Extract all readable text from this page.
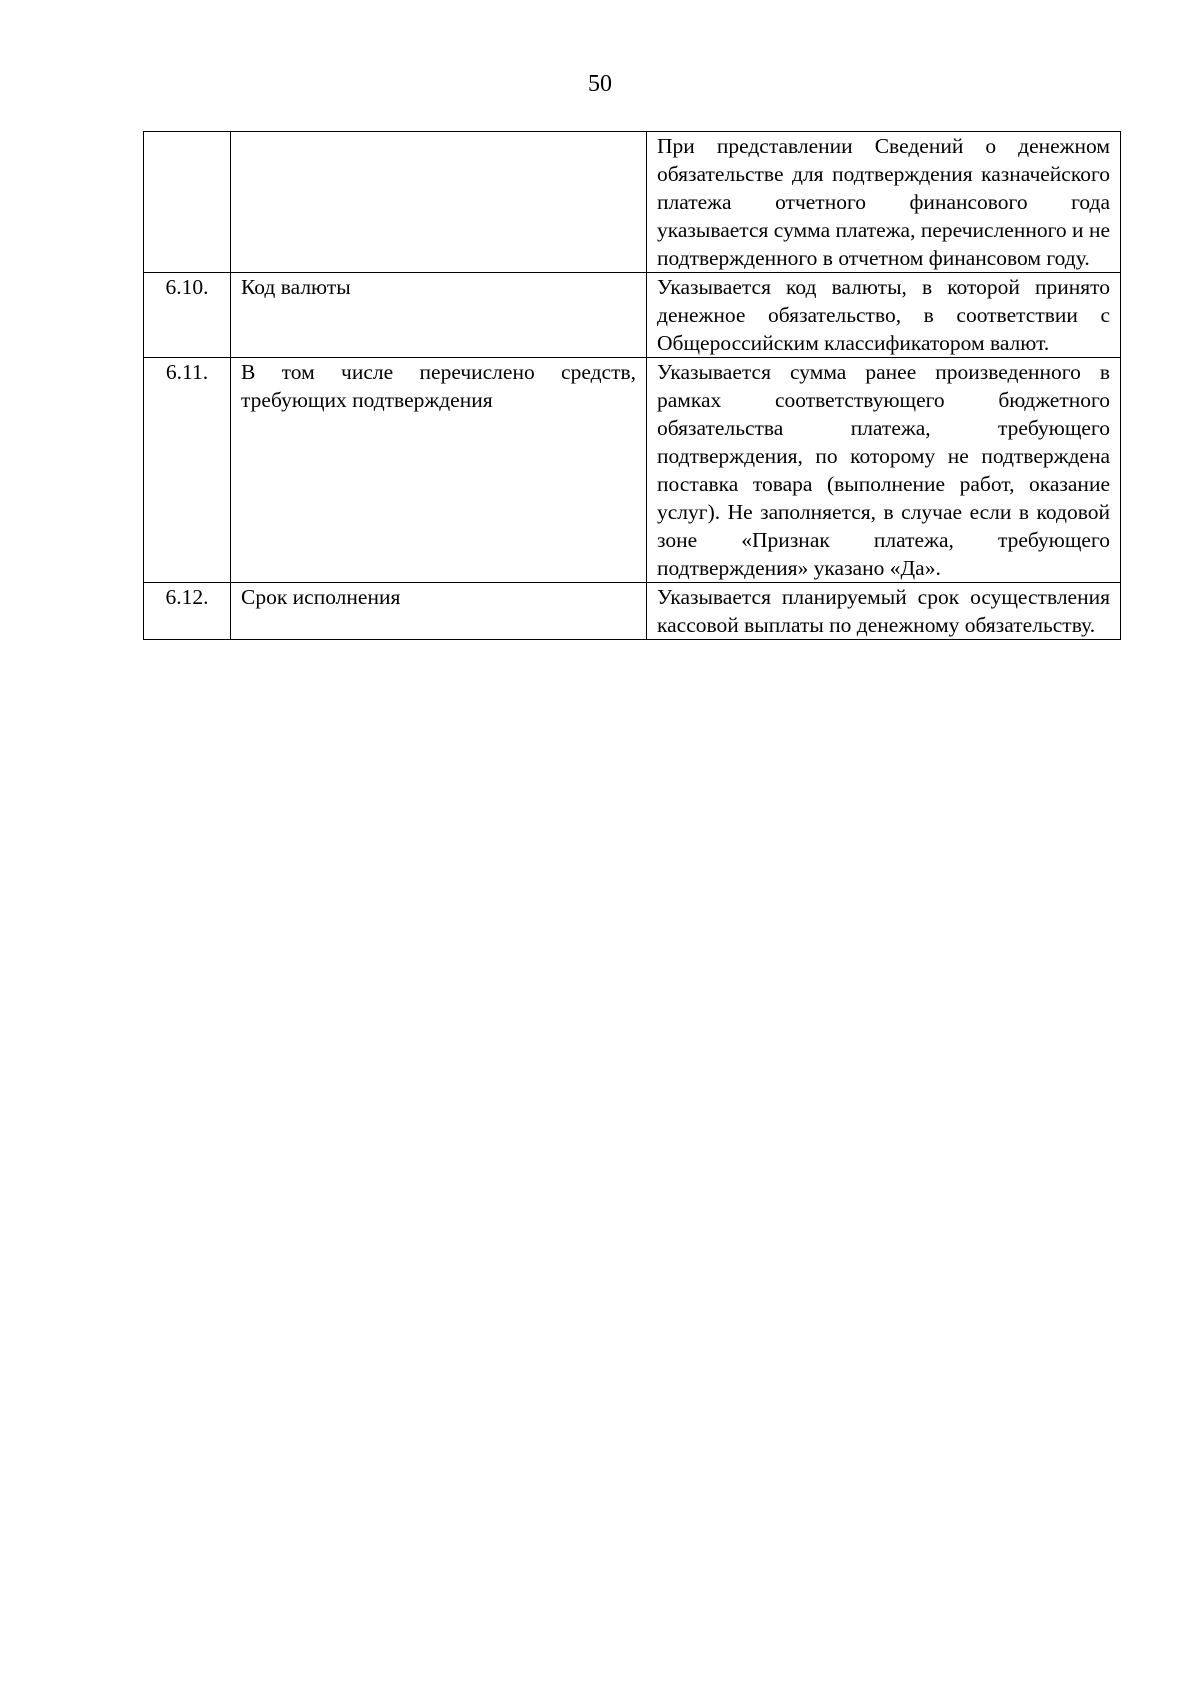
50
		При представлении Сведений о денежном обязательстве для подтверждения казначейского платежа отчетного финансового года указывается сумма платежа, перечисленного и не подтвержденного в отчетном финансовом году.
6.10.	Код валюты	Указывается код валюты, в которой принято денежное обязательство, в соответствии с Общероссийским классификатором валют.
6.11.	В том числе перечислено средств, требующих подтверждения	Указывается сумма ранее произведенного в рамках соответствующего бюджетного обязательства платежа, требующего подтверждения, по которому не подтверждена поставка товара (выполнение работ, оказание услуг). Не заполняется, в случае если в кодовой зоне «Признак платежа, требующего подтверждения» указано «Да».
6.12.	Срок исполнения	Указывается планируемый срок осуществления кассовой выплаты по денежному обязательству.
